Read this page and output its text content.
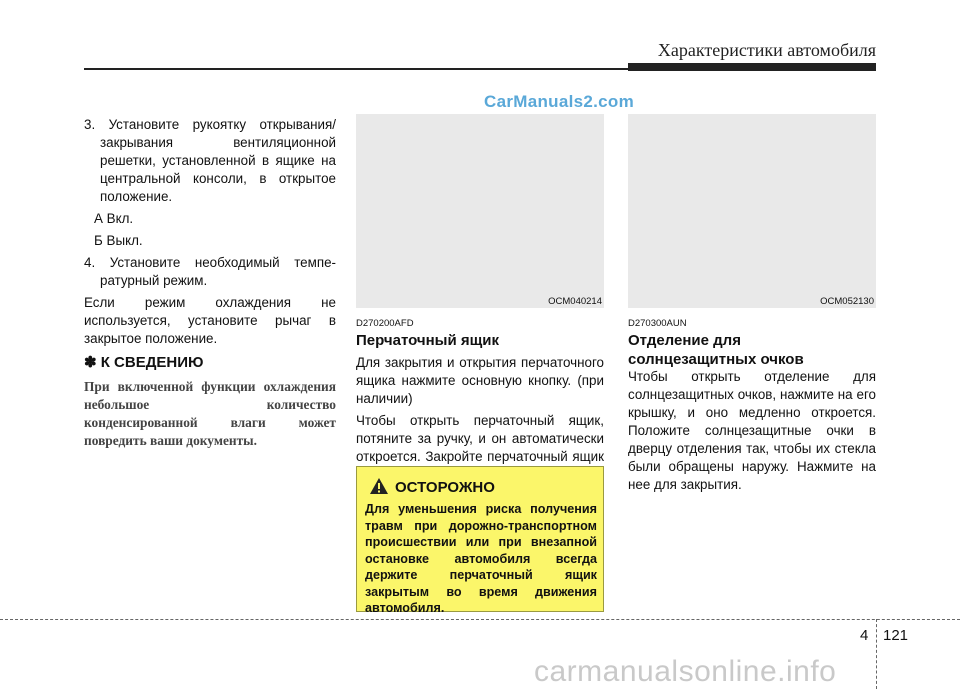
Характеристики автомобиля
CarManuals2.com

3. Установите рукоятку открывания/ закрывания вентиляционной решетки, установленной в ящике на центральной консоли, в открытое положение.

А Вкл.

Б Выкл.

4. Установите необходимый темпе- ратурный режим.

Если режим охлаждения не используется, установите рычаг в закрытое положение.

✽ К СВЕДЕНИЮ
При включенной функции охлаждения небольшое количество конденсированной влаги может повредить ваши документы.
OCM040214
D270200AFD
Перчаточный ящик

Для закрытия и открытия перчаточного ящика нажмите основную кнопку. (при наличии)

Чтобы открыть перчаточный ящик, потяните за ручку, и он автоматически откроется. Закройте перчаточный ящик

ОСТОРОЖНО
Для уменьшения риска получения травм при дорожно-транспортном происшествии или при внезапной остановке автомобиля всегда держите перчаточный ящик закрытым во время движения автомобиля.
OCM052130
D270300AUN
Отделение для солнцезащитных очков

Чтобы открыть отделение для солнцезащитных очков, нажмите на его крышку, и оно медленно откроется. Положите солнцезащитные очки в дверцу отделения так, чтобы их стекла были обращены наружу. Нажмите на нее для закрытия.

4 121
carmanualsonline.info
